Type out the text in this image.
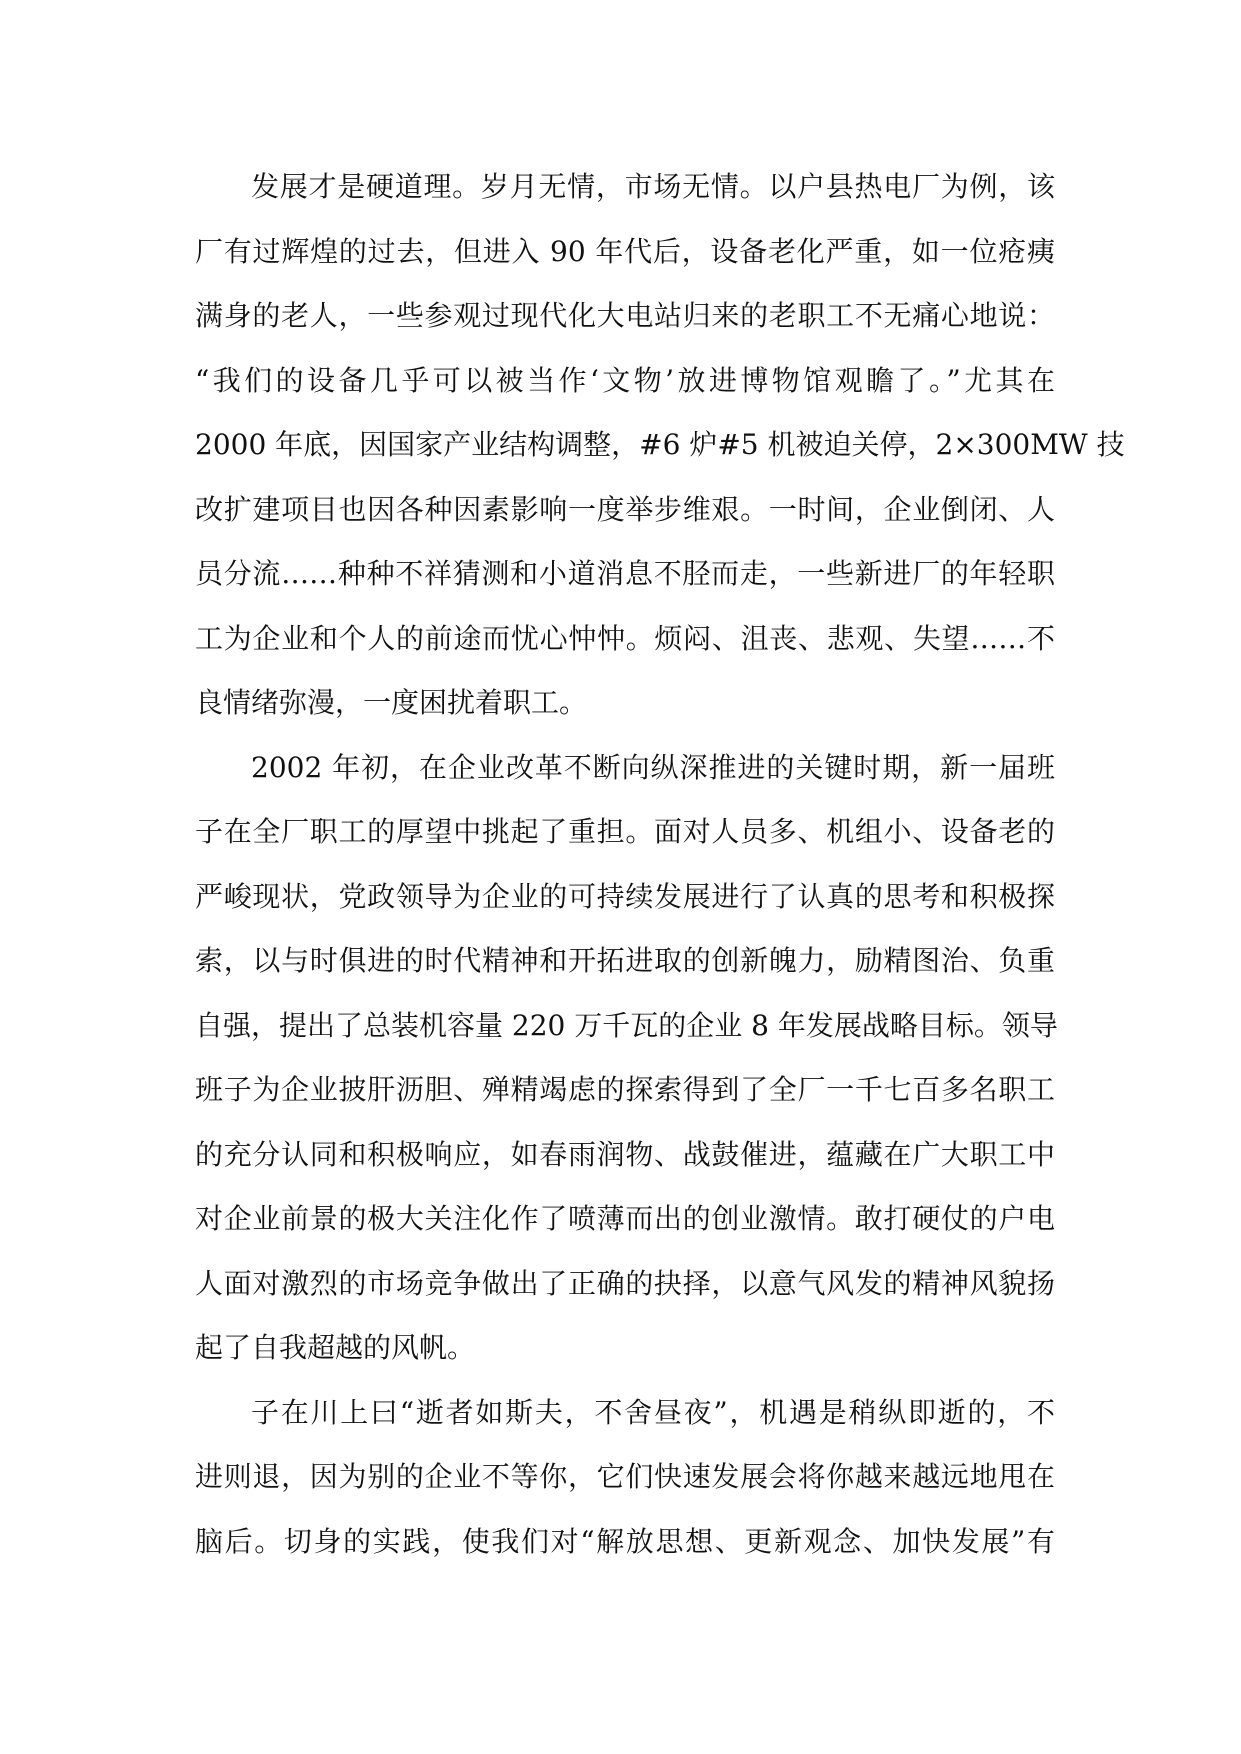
发展才是硬道理。岁月无情，市场无情。以户县热电厂为例，该
厂有过辉煌的过去，但进入 90 年代后，设备老化严重，如一位疮痍
满身的老人，一些参观过现代化大电站归来的老职工不无痛心地说：
“我们的设备几乎可以被当作‘文物’放进博物馆观瞻了。”尤其在
2000 年底，因国家产业结构调整，#6 炉#5 机被迫关停，2×300MW 技
改扩建项目也因各种因素影响一度举步维艰。一时间，企业倒闭、人
员分流……种种不祥猜测和小道消息不胫而走，一些新进厂的年轻职
工为企业和个人的前途而忧心忡忡。烦闷、沮丧、悲观、失望……不
良情绪弥漫，一度困扰着职工。
2002 年初，在企业改革不断向纵深推进的关键时期，新一届班
子在全厂职工的厚望中挑起了重担。面对人员多、机组小、设备老的
严峻现状，党政领导为企业的可持续发展进行了认真的思考和积极探
索，以与时俱进的时代精神和开拓进取的创新魄力，励精图治、负重
自强，提出了总装机容量 220 万千瓦的企业 8 年发展战略目标。领导
班子为企业披肝沥胆、殚精竭虑的探索得到了全厂一千七百多名职工
的充分认同和积极响应，如春雨润物、战鼓催进，蕴藏在广大职工中
对企业前景的极大关注化作了喷薄而出的创业激情。敢打硬仗的户电
人面对激烈的市场竞争做出了正确的抉择，以意气风发的精神风貌扬
起了自我超越的风帆。
子在川上曰“逝者如斯夫，不舍昼夜”，机遇是稍纵即逝的，不
进则退，因为别的企业不等你，它们快速发展会将你越来越远地甩在
脑后。切身的实践，使我们对“解放思想、更新观念、加快发展”有
